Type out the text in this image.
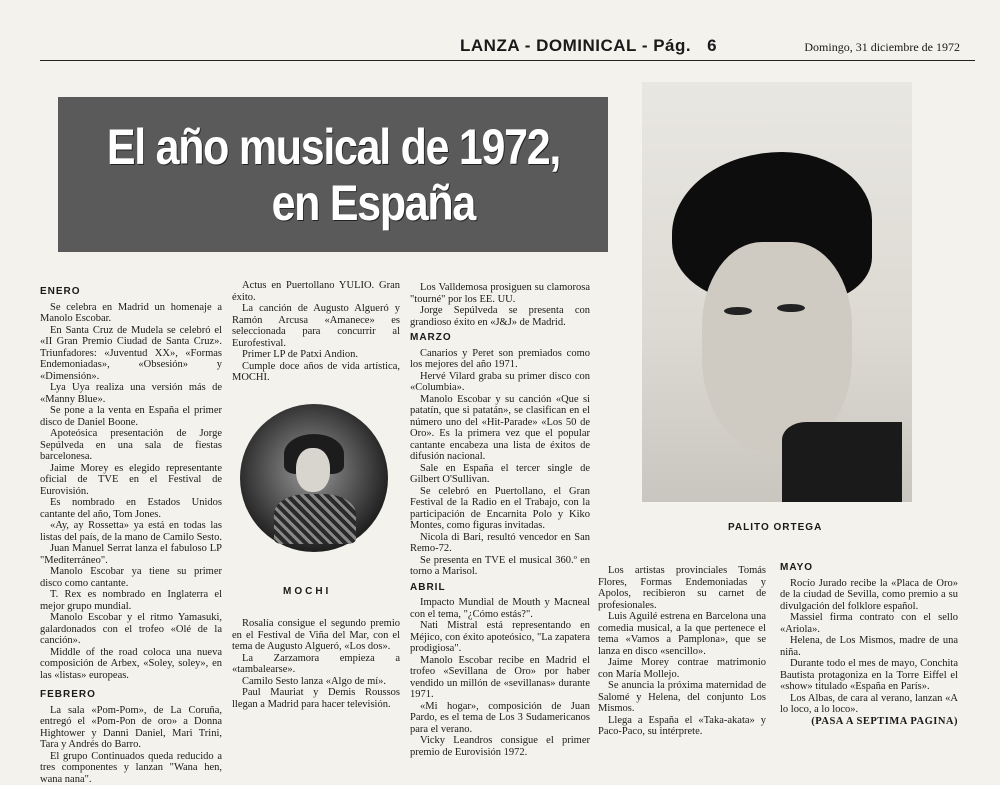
LANZA - DOMINICAL - Pág. 6	Domingo, 31 diciembre de 1972
El año musical de 1972,
en España
ENERO

Se celebra en Madrid un homenaje a Manolo Escobar.

En Santa Cruz de Mudela se celebró el «II Gran Premio Ciudad de Santa Cruz». Triunfadores: «Juventud XX», «Formas Endemoniadas», «Obsesión» y «Dimensión».

Lya Uya realiza una versión más de «Manny Blue».

Se pone a la venta en España el primer disco de Daniel Boone.

Apoteósica presentación de Jorge Sepúlveda en una sala de fiestas barcelonesa.

Jaime Morey es elegido representante oficial de TVE en el Festival de Eurovisión.

Es nombrado en Estados Unidos cantante del año, Tom Jones.

«Ay, ay Rossetta» ya está en todas las listas del país, de la mano de Camilo Sesto.

Juan Manuel Serrat lanza el fabuloso LP "Mediterráneo".

Manolo Escobar ya tiene su primer disco como cantante.

T. Rex es nombrado en Inglaterra el mejor grupo mundial.

Manolo Escobar y el ritmo Yamasuki, galardonados con el trofeo «Olé de la canción».

Middle of the road coloca una nueva composición de Arbex, «Soley, soley», en las «listas» europeas.

FEBRERO

La sala «Pom-Pom», de La Coruña, entregó el «Pom-Pon de oro» a Donna Hightower y Danni Daniel, Mari Trini, Tara y Andrés do Barro.

El grupo Continuados queda reducido a tres componentes y lanzan "Wana hen, wana nana".

Actus en Puertollano YULIO. Gran éxito.

La canción de Augusto Algueró y Ramón Arcusa «Amanece» es seleccionada para concurrir al Eurofestival.

Primer LP de Patxi Andion.

Cumple doce años de vida artística, MOCHI.

MOCHI

Rosalía consigue el segundo premio en el Festival de Viña del Mar, con el tema de Augusto Algueró, «Los dos».

La Zarzamora empieza a «tambalearse».

Camilo Sesto lanza «Algo de mí».

Paul Mauriat y Demis Roussos llegan a Madrid para hacer televisión.

Los Valldemosa prosiguen su clamorosa "tourné" por los EE. UU.

Jorge Sepúlveda se presenta con grandioso éxito en «J&J» de Madrid.

MARZO

Canarios y Peret son premiados como los mejores del año 1971.

Hervé Vilard graba su primer disco con «Columbia».

Manolo Escobar y su canción «Que si patatín, que si patatán», se clasifican en el número uno del «Hit-Parade» «Los 50 de Oro». Es la primera vez que el popular cantante encabeza una lista de éxitos de difusión nacional.

Sale en España el tercer single de Gilbert O'Sullivan.

Se celebró en Puertollano, el Gran Festival de la Radio en el Trabajo, con la participación de Encarnita Polo y Kiko Montes, como figuras invitadas.

Nicola di Bari, resultó vencedor en San Remo-72.

Se presenta en TVE el musical 360.º en torno a Marisol.

ABRIL

Impacto Mundial de Mouth y Macneal con el tema, "¿Cómo estás?".

Nati Mistral está representando en Méjico, con éxito apoteósico, "La zapatera prodigiosa".

Manolo Escobar recibe en Madrid el trofeo «Sevillana de Oro» por haber vendido un millón de «sevillanas» durante 1971.

«Mi hogar», composición de Juan Pardo, es el tema de Los 3 Sudamericanos para el verano.

Vicky Leandros consigue el primer premio de Eurovisión 1972.

PALITO ORTEGA

Los artistas provinciales Tomás Flores, Formas Endemoniadas y Apolos, recibieron su carnet de profesionales.

Luis Aguilé estrena en Barcelona una comedia musical, a la que pertenece el tema «Vamos a Pamplona», que se lanza en disco «sencillo».

Jaime Morey contrae matrimonio con María Mollejo.

Se anuncia la próxima maternidad de Salomé y Helena, del conjunto Los Mismos.

Llega a España el «Taka-akata» y Paco-Paco, su intérprete.

MAYO

Rocío Jurado recibe la «Placa de Oro» de la ciudad de Sevilla, como premio a su divulgación del folklore español.

Massiel firma contrato con el sello «Ariola».

Helena, de Los Mismos, madre de una niña.

Durante todo el mes de mayo, Conchita Bautista protagoniza en la Torre Eiffel el «show» titulado «España en París».

Los Albas, de cara al verano, lanzan «A lo loco, a lo loco».

(PASA A SEPTIMA PAGINA)
